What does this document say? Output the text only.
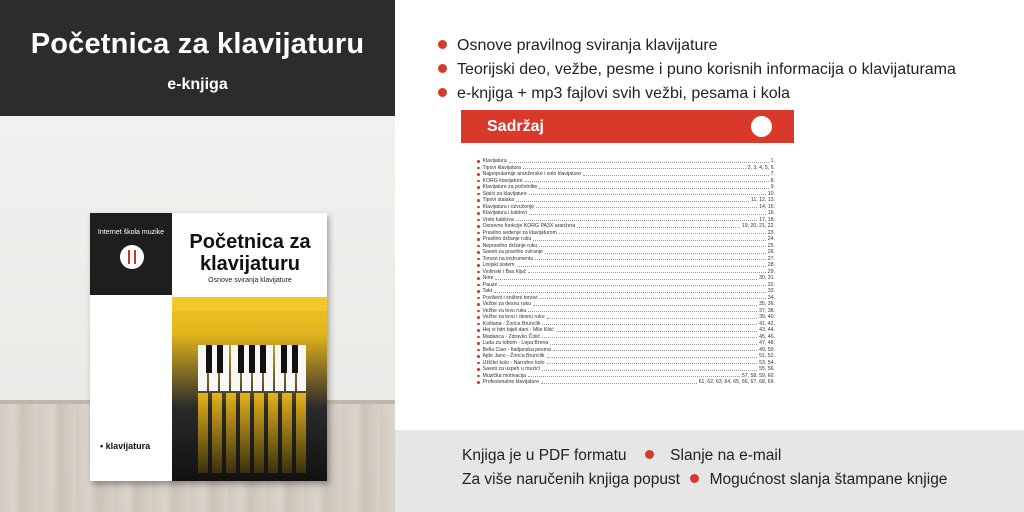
Početnica za klavijaturu
e-knjiga
Internet škola muzike	Početnica za klavijaturu
Osnove sviranja klavijature
• klavijatura
Osnove pravilnog sviranja klavijature
Teorijski deo, vežbe, pesme i puno korisnih informacija o klavijaturama
e-knjiga + mp3 fajlovi svih vežbi, pesama i kola
Sadržaj
Klavijatura	1.
Tipovi klavijatura	2, 3, 4, 5, 6.
Najpopularnije aranžerske i solo klavijature	7.
KORG klavijature	8.
Klavijature za početnike	9.
Stalci za klavijature	10.
Tipovi stalaka	11, 12, 13.
Klavijatura i ozvučenje	14, 15.
Klavijatura i kablovi	16.
Vrste kablova	17, 18.
Osnovne funkcije KORG PA3X aranžera	19, 20, 21, 22.
Pravilno sedenje za klavijaturom	23.
Pravilno držanje ruku	24.
Nepravilno držanje ruku	25.
Saveti za pravilno sviranje	26.
Tonovi na instrumentu	27.
Linijski sistem	28.
Violinski i Bas ključ	29.
Note	30, 31.
Pauze	32.
Takt	33.
Povišeni i sniženi tonovi	34.
Vežbe za desnu ruku	35, 36.
Vežbe za levu ruku	37, 38.
Vežbe za levu i desnu ruku	39, 40.
Koštana - Žorica Brunclik	41, 42.
Hej vi hitri bijeli dani - Mile Kitić	43, 44.
Madarica - Zdravko Čolić	45, 46.
Luda za tobom - Lepa Brena	47, 48.
Bella Ciao - Italijanska pesma	49, 50.
Ajde Jano - Žorica Brunclik	51, 52.
Užičko kolo - Narodno kolo	53, 54.
Saveti za uspeh u muzici	55, 56.
Muzička motivacija	57, 58, 59, 60.
Profesionalne klavijature	61, 62, 63, 64, 65, 66, 67, 68, 69.
Knjiga je u PDF formatu	Slanje na e-mail
Za više naručenih knjiga popust Mogućnost slanja štampane knjige
